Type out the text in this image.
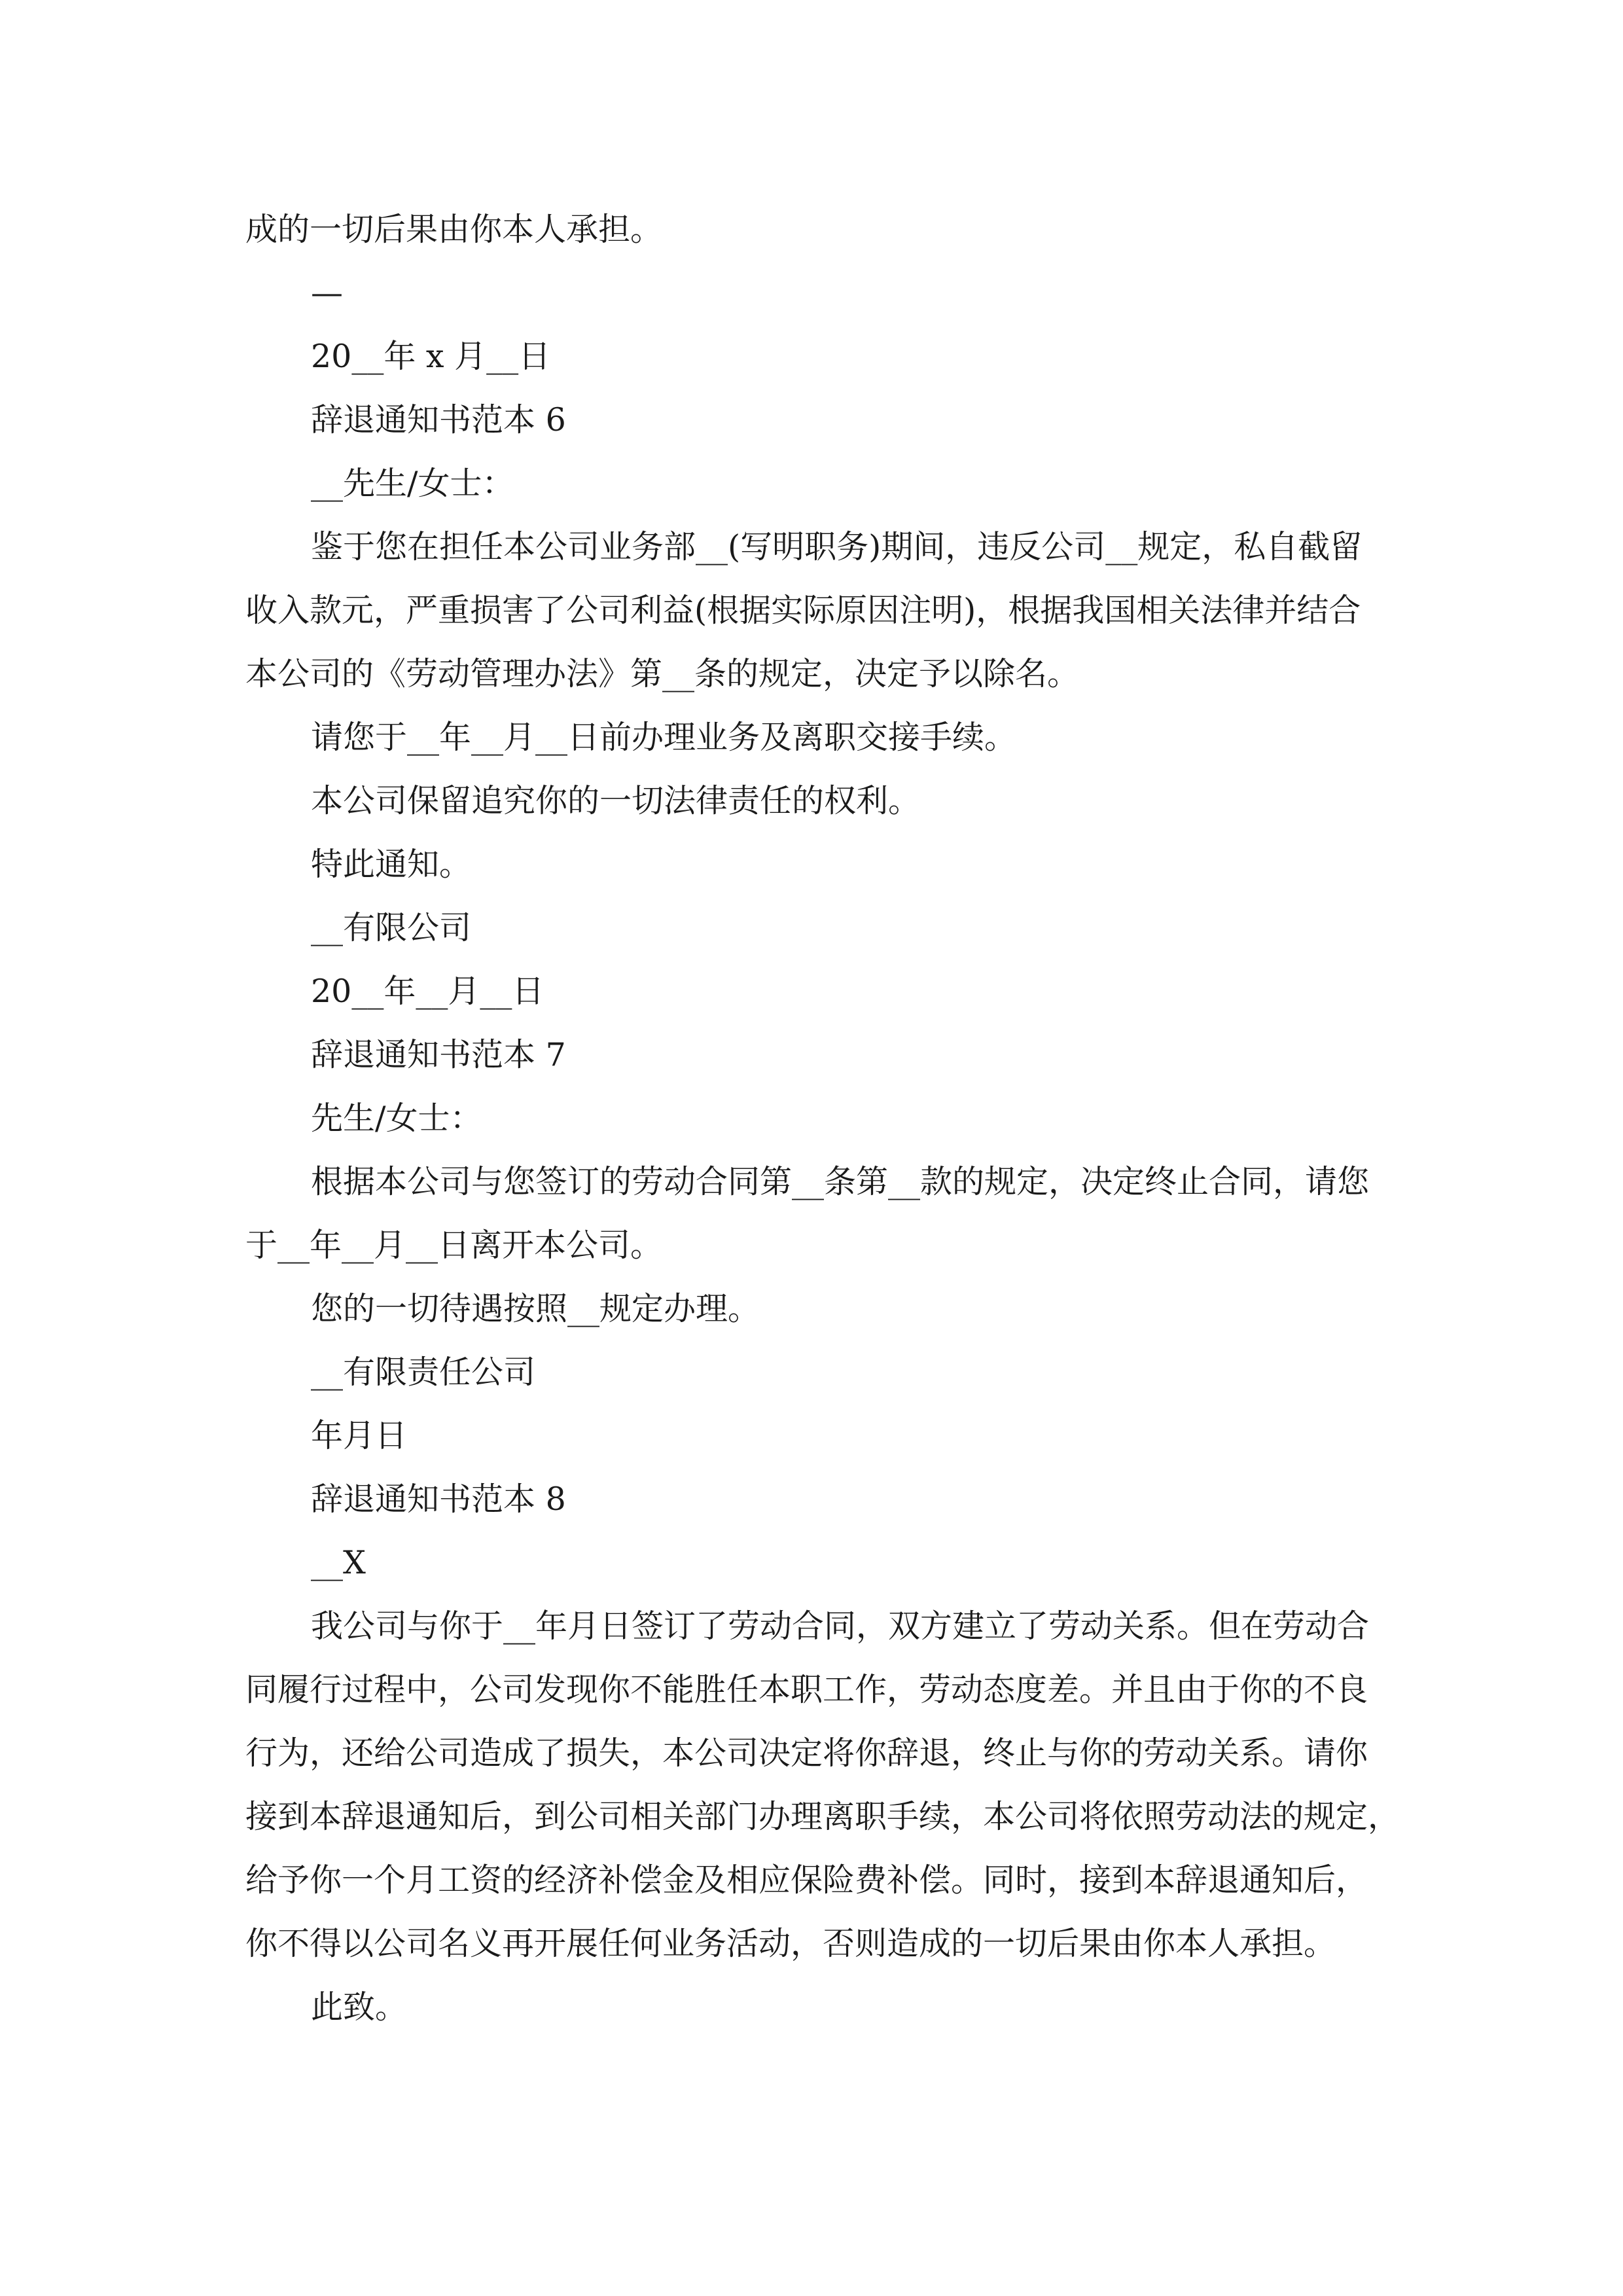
成的一切后果由你本人承担。
—
20__年 x 月__日
辞退通知书范本 6
__先生/女士：
鉴于您在担任本公司业务部__(写明职务)期间，违反公司__规定，私自截留
收入款元，严重损害了公司利益(根据实际原因注明)，根据我国相关法律并结合
本公司的《劳动管理办法》第__条的规定，决定予以除名。
请您于__年__月__日前办理业务及离职交接手续。
本公司保留追究你的一切法律责任的权利。
特此通知。
__有限公司
20__年__月__日
辞退通知书范本 7
先生/女士：
根据本公司与您签订的劳动合同第__条第__款的规定，决定终止合同，请您
于__年__月__日离开本公司。
您的一切待遇按照__规定办理。
__有限责任公司
年月日
辞退通知书范本 8
__X
我公司与你于__年月日签订了劳动合同，双方建立了劳动关系。但在劳动合
同履行过程中，公司发现你不能胜任本职工作，劳动态度差。并且由于你的不良
行为，还给公司造成了损失，本公司决定将你辞退，终止与你的劳动关系。请你
接到本辞退通知后，到公司相关部门办理离职手续，本公司将依照劳动法的规定，
给予你一个月工资的经济补偿金及相应保险费补偿。同时，接到本辞退通知后，
你不得以公司名义再开展任何业务活动，否则造成的一切后果由你本人承担。
此致。
